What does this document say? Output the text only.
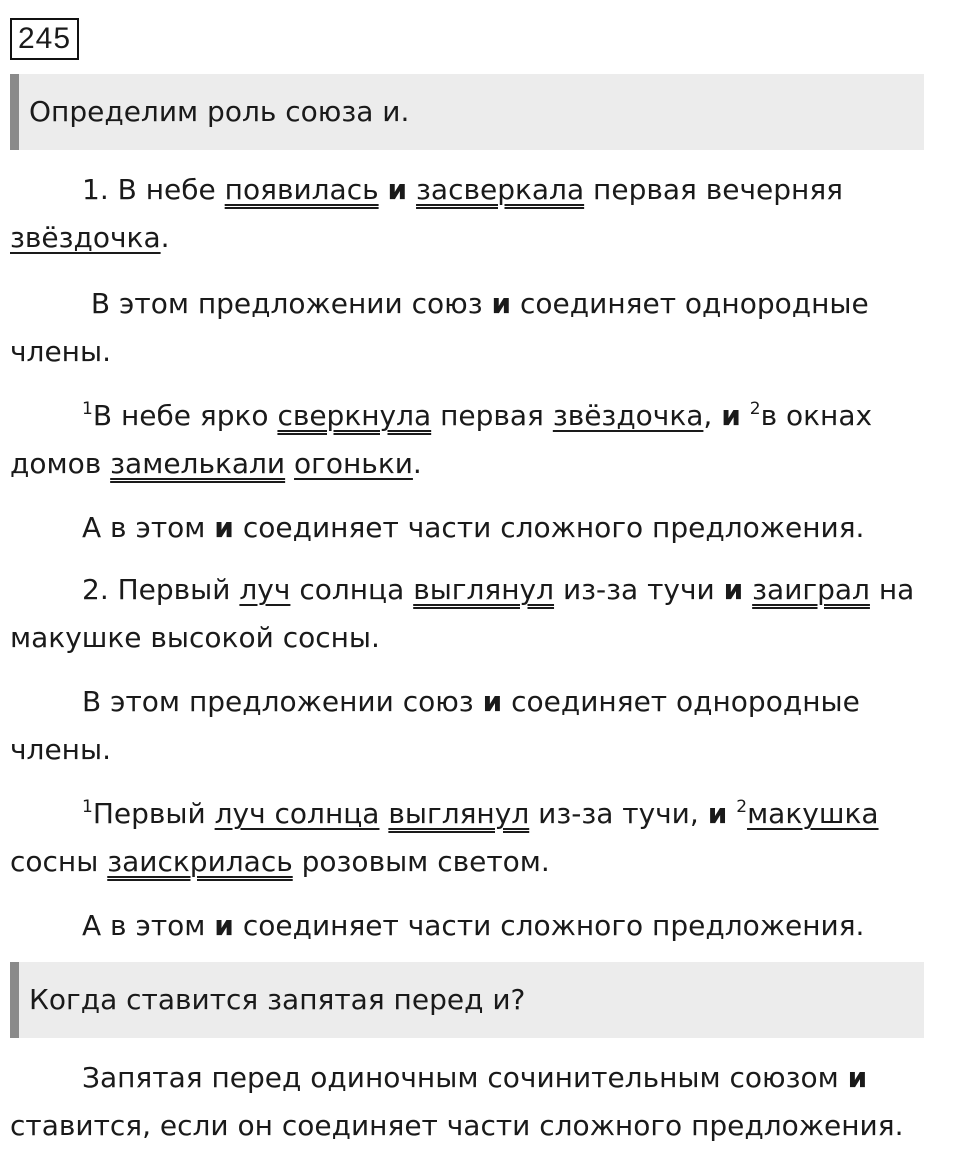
245
Определим роль союза и.

1. В небе появилась и засверкала первая вечерняя звёздочка.

В этом предложении союз и соединяет однородные члены.

$^1$В небе ярко сверкнула первая звёздочка, и $^2$в окнах домов замелькали огоньки.

А в этом и соединяет части сложного предложения.

2. Первый луч солнца выглянул из-за тучи и заиграл на макушке высокой сосны.

В этом предложении союз и соединяет однородные члены.

$^1$Первый луч солнца выглянул из-за тучи, и $^2$макушка сосны заискрилась розовым светом.

А в этом и соединяет части сложного предложения.

Когда ставится запятая перед и?

Запятая перед одиночным сочинительным союзом и ставится, если он соединяет части сложного предложения.
